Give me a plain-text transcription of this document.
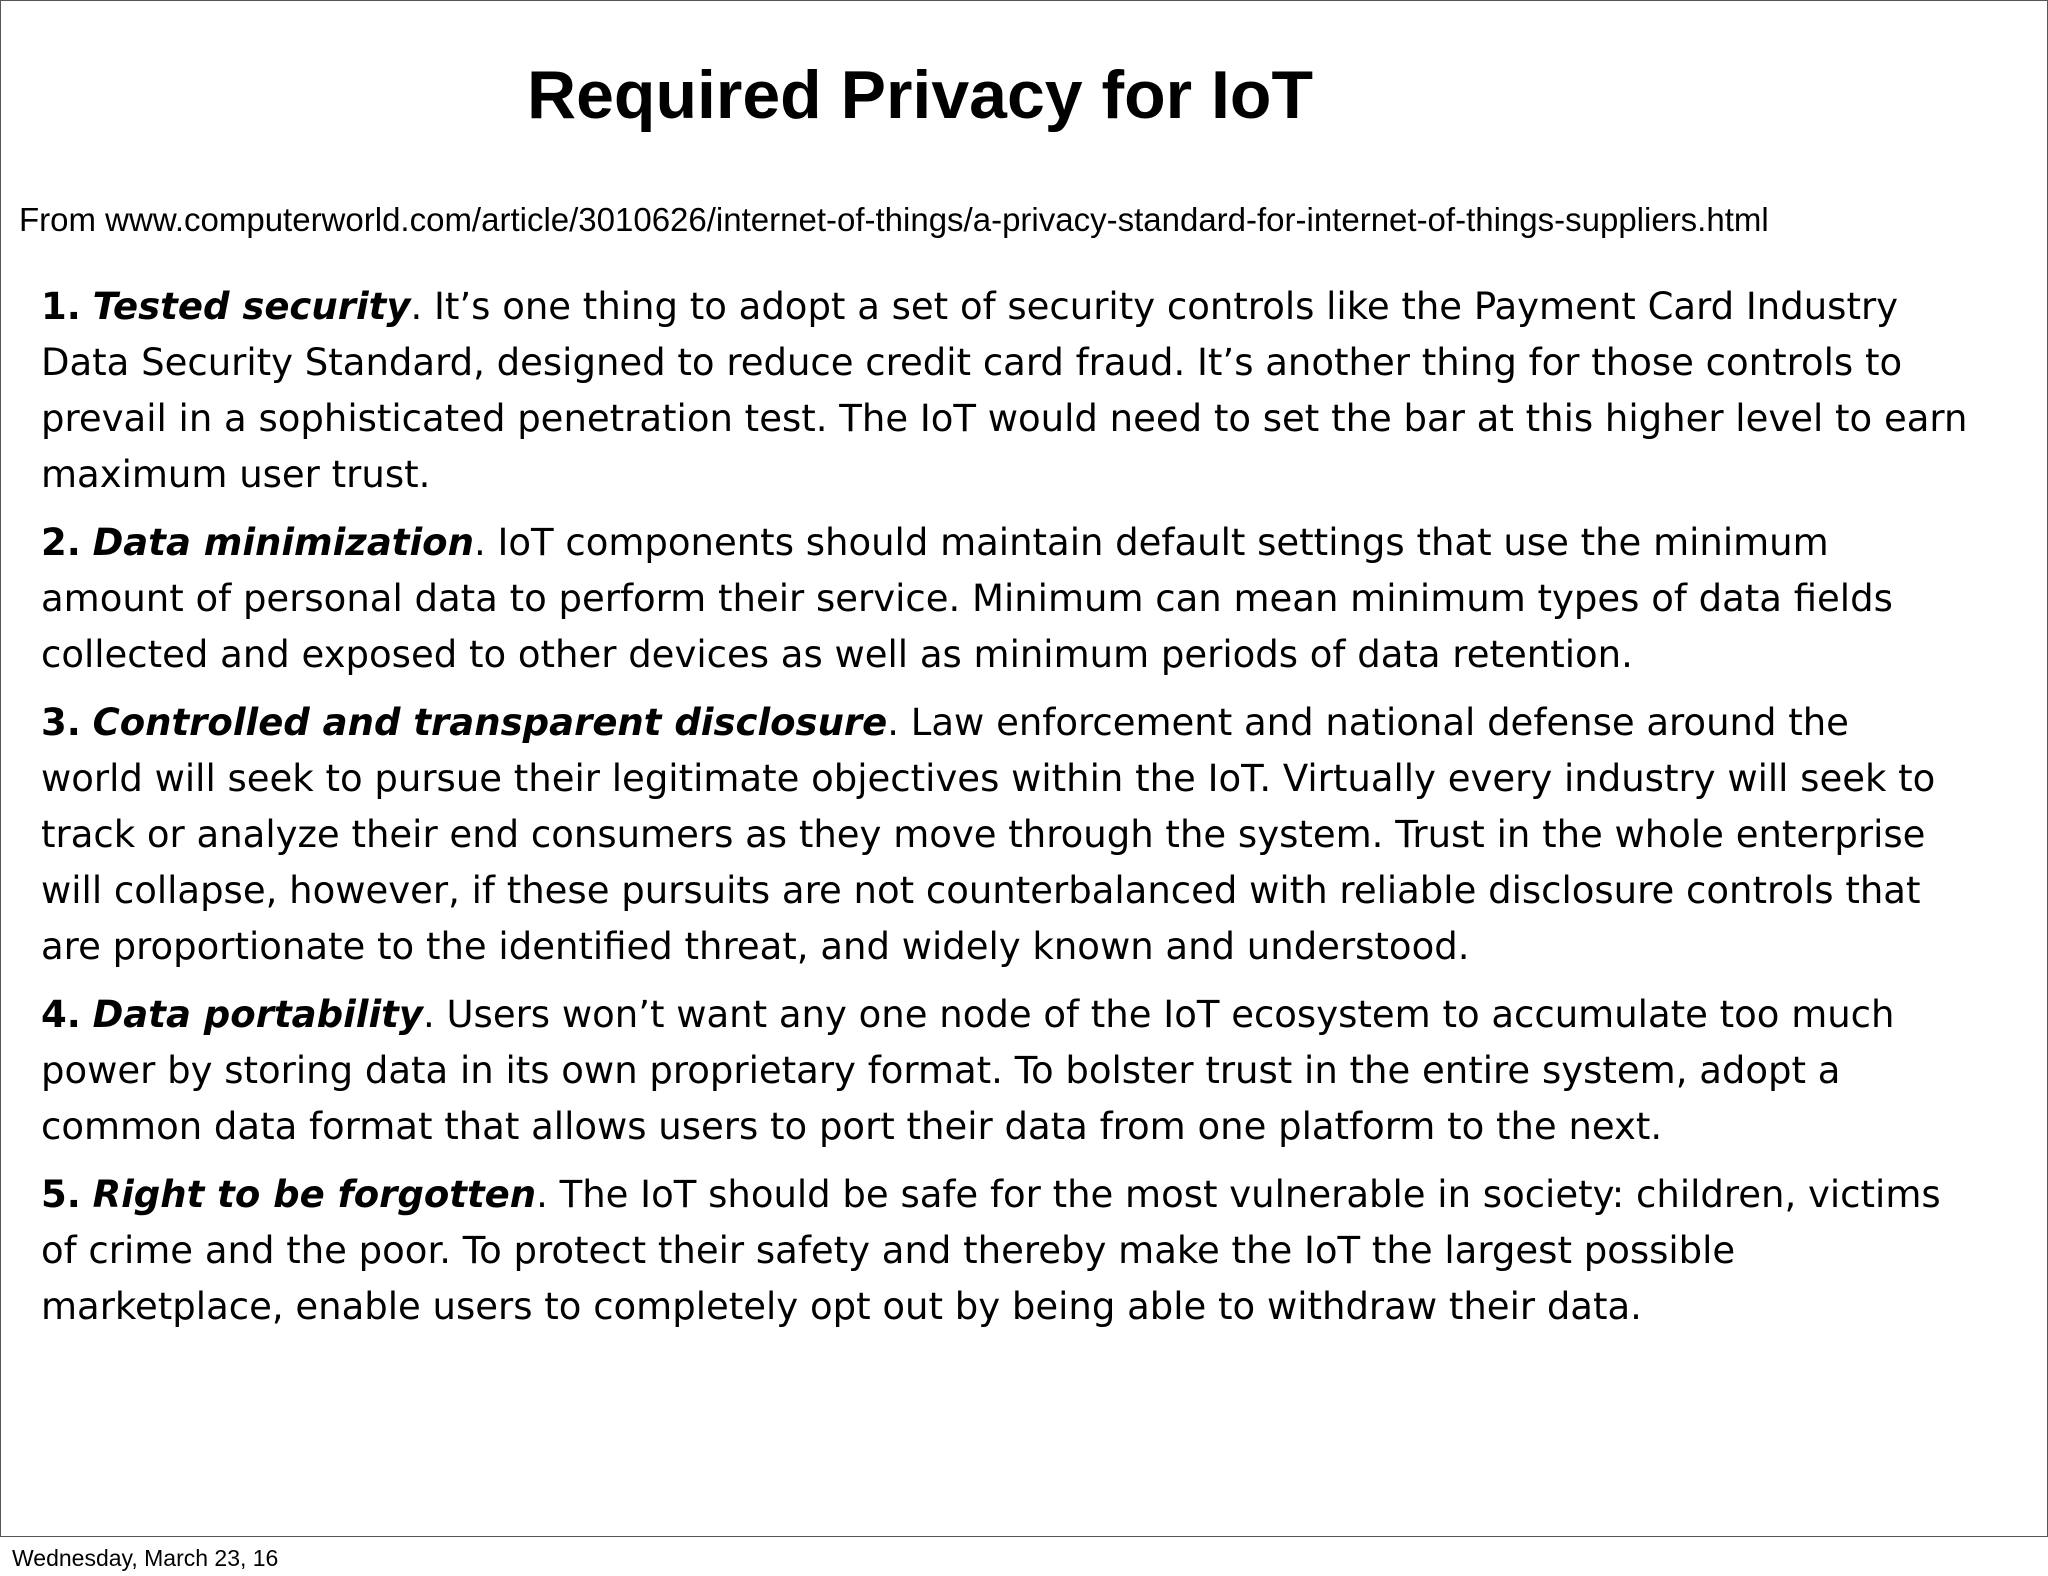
Required Privacy for IoT

From www.computerworld.com/article/3010626/internet-of-things/a-privacy-standard-for-internet-of-things-suppliers.html

1. Tested security. It’s one thing to adopt a set of security controls like the Payment Card Industry
Data Security Standard, designed to reduce credit card fraud. It’s another thing for those controls to
prevail in a sophisticated penetration test. The IoT would need to set the bar at this higher level to earn
maximum user trust.

2. Data minimization. IoT components should maintain default settings that use the minimum
amount of personal data to perform their service. Minimum can mean minimum types of data fields
collected and exposed to other devices as well as minimum periods of data retention.

3. Controlled and transparent disclosure. Law enforcement and national defense around the
world will seek to pursue their legitimate objectives within the IoT. Virtually every industry will seek to
track or analyze their end consumers as they move through the system. Trust in the whole enterprise
will collapse, however, if these pursuits are not counterbalanced with reliable disclosure controls that
are proportionate to the identified threat, and widely known and understood.

4. Data portability. Users won’t want any one node of the IoT ecosystem to accumulate too much
power by storing data in its own proprietary format. To bolster trust in the entire system, adopt a
common data format that allows users to port their data from one platform to the next.

5. Right to be forgotten. The IoT should be safe for the most vulnerable in society: children, victims
of crime and the poor. To protect their safety and thereby make the IoT the largest possible
marketplace, enable users to completely opt out by being able to withdraw their data.

Wednesday, March 23, 16
